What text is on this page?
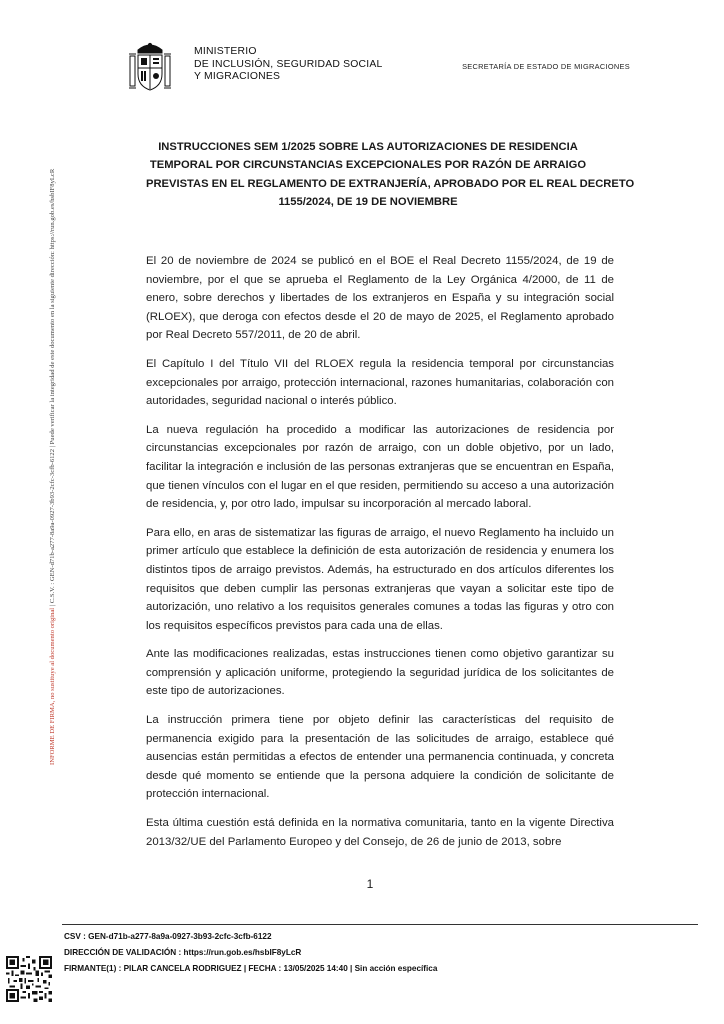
INFORME DE FIRMA, no sustituye al documento original | C.S.V. : GEN-d71b-a277-8a9a-0927-3b93-2cfc-3cfb-6122 | Puede verificar la integridad de este documento en la siguiente dirección: https://run.gob.es/hsbIF8yLcR
MINISTERIO
DE INCLUSIÓN, SEGURIDAD SOCIAL
Y MIGRACIONES
SECRETARÍA DE ESTADO DE MIGRACIONES
INSTRUCCIONES SEM 1/2025 SOBRE LAS AUTORIZACIONES DE RESIDENCIA
TEMPORAL POR CIRCUNSTANCIAS EXCEPCIONALES POR RAZÓN DE ARRAIGO
PREVISTAS EN EL REGLAMENTO DE EXTRANJERÍA, APROBADO POR EL REAL DECRETO
1155/2024, DE 19 DE NOVIEMBRE

El 20 de noviembre de 2024 se publicó en el BOE el Real Decreto 1155/2024, de 19 de noviembre, por el que se aprueba el Reglamento de la Ley Orgánica 4/2000, de 11 de enero, sobre derechos y libertades de los extranjeros en España y su integración social (RLOEX), que deroga con efectos desde el 20 de mayo de 2025, el Reglamento aprobado por Real Decreto 557/2011, de 20 de abril.

El Capítulo I del Título VII del RLOEX regula la residencia temporal por circunstancias excepcionales por arraigo, protección internacional, razones humanitarias, colaboración con autoridades, seguridad nacional o interés público.

La nueva regulación ha procedido a modificar las autorizaciones de residencia por circunstancias excepcionales por razón de arraigo, con un doble objetivo, por un lado, facilitar la integración e inclusión de las personas extranjeras que se encuentran en España, que tienen vínculos con el lugar en el que residen, permitiendo su acceso a una autorización de residencia, y, por otro lado, impulsar su incorporación al mercado laboral.

Para ello, en aras de sistematizar las figuras de arraigo, el nuevo Reglamento ha incluido un primer artículo que establece la definición de esta autorización de residencia y enumera los distintos tipos de arraigo previstos. Además, ha estructurado en dos artículos diferentes los requisitos que deben cumplir las personas extranjeras que vayan a solicitar este tipo de autorización, uno relativo a los requisitos generales comunes a todas las figuras y otro con los requisitos específicos previstos para cada una de ellas.

Ante las modificaciones realizadas, estas instrucciones tienen como objetivo garantizar su comprensión y aplicación uniforme, protegiendo la seguridad jurídica de los solicitantes de este tipo de autorizaciones.

La instrucción primera tiene por objeto definir las características del requisito de permanencia exigido para la presentación de las solicitudes de arraigo, establece qué ausencias están permitidas a efectos de entender una permanencia continuada, y concreta desde qué momento se entiende que la persona adquiere la condición de solicitante de protección internacional.

Esta última cuestión está definida en la normativa comunitaria, tanto en la vigente Directiva 2013/32/UE del Parlamento Europeo y del Consejo, de 26 de junio de 2013, sobre

1
CSV : GEN-d71b-a277-8a9a-0927-3b93-2cfc-3cfb-6122
DIRECCIÓN DE VALIDACIÓN : https://run.gob.es/hsbIF8yLcR
FIRMANTE(1) : PILAR CANCELA RODRIGUEZ | FECHA : 13/05/2025 14:40 | Sin acción específica
